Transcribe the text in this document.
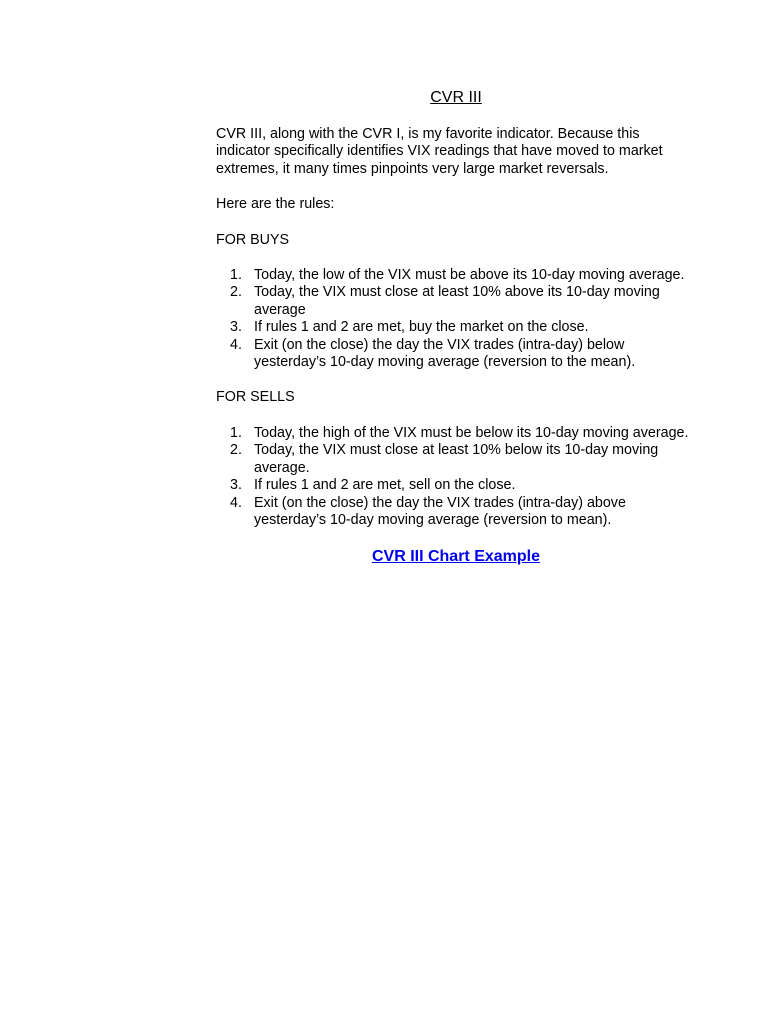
CVR III
CVR III, along with the CVR I, is my favorite indicator. Because this indicator specifically identifies VIX readings that have moved to market extremes, it many times pinpoints very large market reversals.
Here are the rules:
FOR BUYS
1. Today, the low of the VIX must be above its 10-day moving average.
2. Today, the VIX must close at least 10% above its 10-day moving average
3. If rules 1 and 2 are met, buy the market on the close.
4. Exit (on the close) the day the VIX trades (intra-day) below yesterday’s 10-day moving average (reversion to the mean).
FOR SELLS
1. Today, the high of the VIX must be below its 10-day moving average.
2. Today, the VIX must close at least 10% below its 10-day moving average.
3. If rules 1 and 2 are met, sell on the close.
4. Exit (on the close) the day the VIX trades (intra-day) above yesterday’s 10-day moving average (reversion to mean).
CVR III Chart Example
